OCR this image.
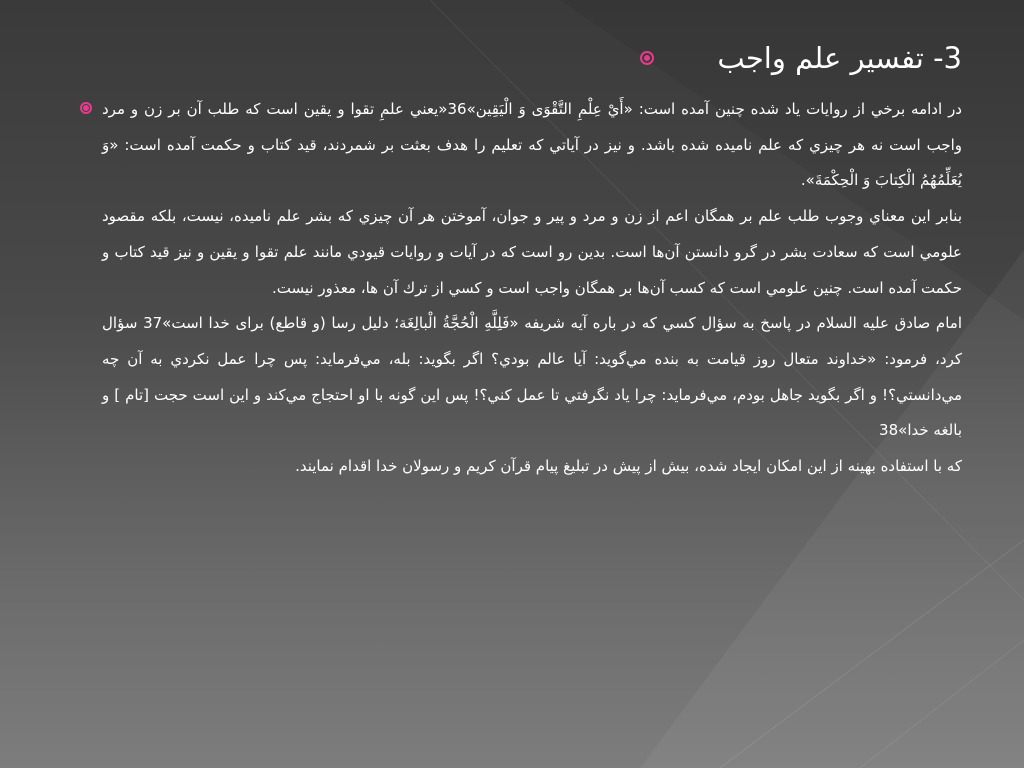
3- تفسير علم واجب

در ادامه برخي از روايات ياد شده چنين آمده است: «أَيْ عِلْمِ التَّقْوَى وَ الْيَقِين»36«يعني علمِ تقوا و يقين است كه طلب آن بر زن و مرد واجب است نه هر چيزي كه علم ناميده شده باشد. و نيز در آياتي كه تعليم را هدف بعثت بر شمردند، قيد كتاب و حكمت آمده است: «وَ يُعَلِّمُهُمُ الْكِتابَ وَ الْحِكْمَةَ».

بنابر اين معناي وجوب طلب علم بر همگان اعم از زن و مرد و پير و جوان، آموختن هر آن چيزي كه بشر علم ناميده، نيست، بلكه مقصود علومي است كه سعادت بشر در گرو دانستن آن‌ها است. بدين رو است كه در آيات و روايات قيودي مانند علم تقوا و يقين و نيز قيد كتاب و حكمت آمده است. چنين علومي است كه كسب آن‌ها بر همگان واجب است و كسي از ترك آن ها، معذور نيست.

امام صادق عليه السلام در پاسخ به سؤال كسي كه در باره آيه شريفه «فَلِلَّهِ الْحُجَّةُ الْبالِغَة؛ دليل رسا (و قاطع) براى خدا است»37 سؤال كرد، فرمود: «خداوند متعال روز قيامت به بنده مي‌گويد: آيا عالم بودي؟ اگر بگويد: بله، مي‌فرمايد: پس چرا عمل نكردي به آن چه مي‌دانستي؟! و اگر بگويد جاهل بودم، مي‌فرمايد: چرا ياد نگرفتي تا عمل كني؟! پس اين گونه با او احتجاج مي‌كند و اين است حجت [تام ] و بالغه خدا»38

كه با استفاده بهينه از اين امكان ايجاد شده، بيش از پيش در تبليغ پيام قرآن كريم و رسولان خدا اقدام نمايند.
